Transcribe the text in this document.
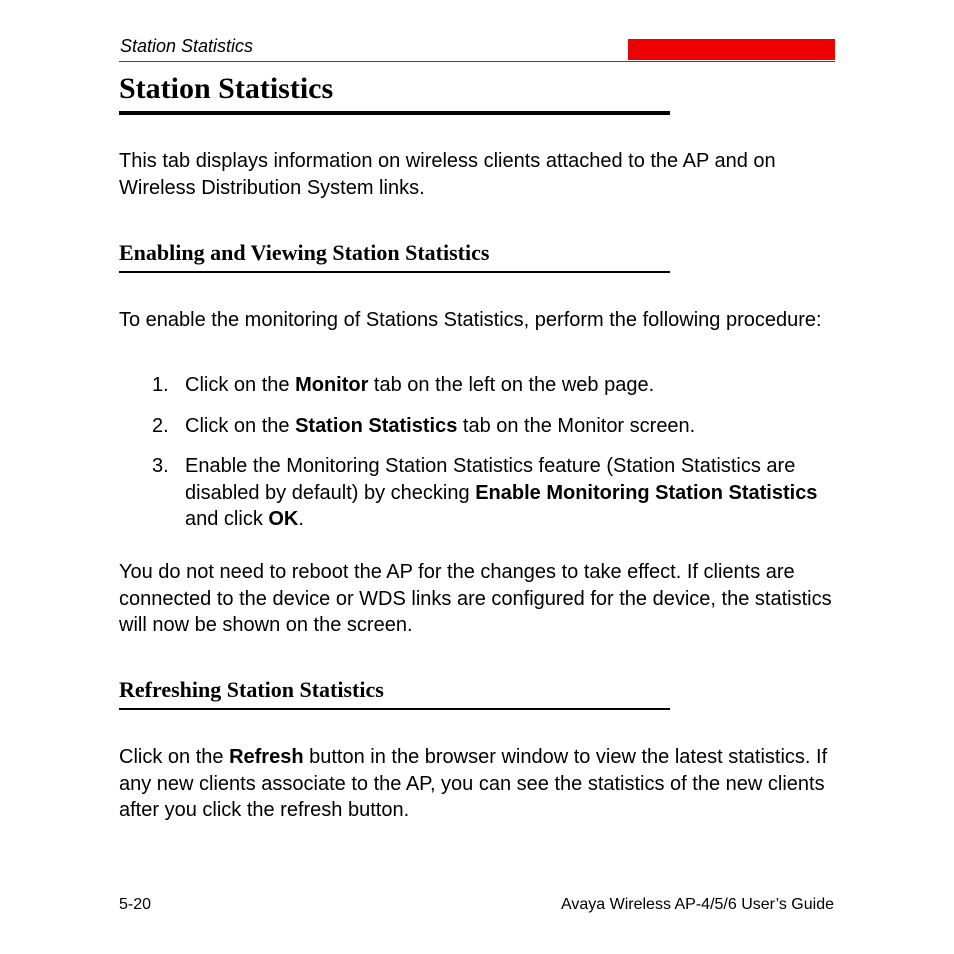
Station Statistics
Station Statistics

This tab displays information on wireless clients attached to the AP and on Wireless Distribution System links.

Enabling and Viewing Station Statistics

To enable the monitoring of Stations Statistics, perform the following procedure:

1. Click on the Monitor tab on the left on the web page.
2. Click on the Station Statistics tab on the Monitor screen.
3. Enable the Monitoring Station Statistics feature (Station Statistics are disabled by default) by checking Enable Monitoring Station Statistics and click OK.

You do not need to reboot the AP for the changes to take effect. If clients are connected to the device or WDS links are configured for the device, the statistics will now be shown on the screen.

Refreshing Station Statistics

Click on the Refresh button in the browser window to view the latest statistics. If any new clients associate to the AP, you can see the statistics of the new clients after you click the refresh button.

5-20	Avaya Wireless AP-4/5/6 User’s Guide
